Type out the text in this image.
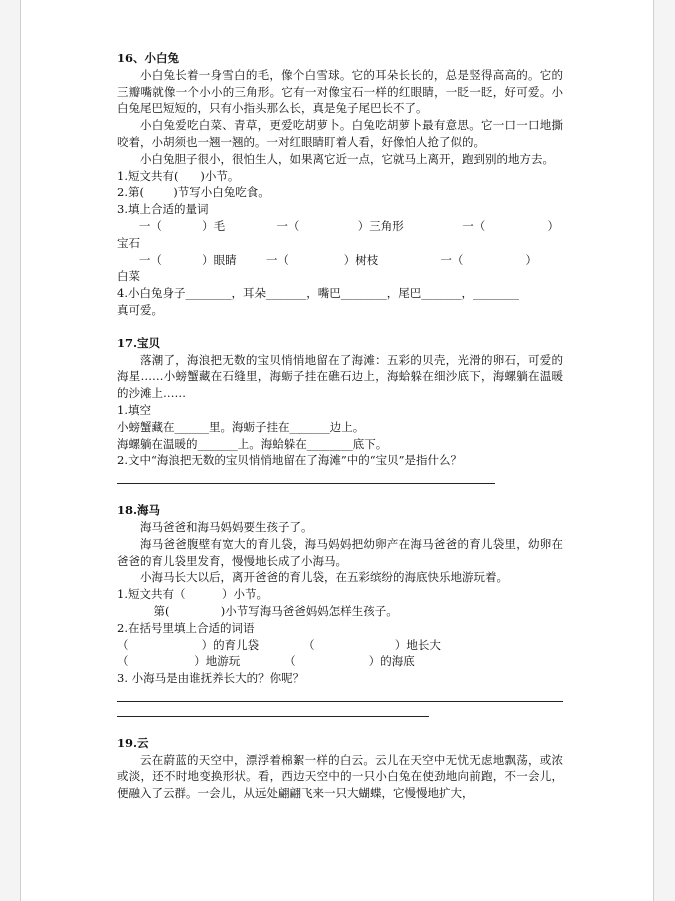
16、小白兔

小白兔长着一身雪白的毛，像个白雪球。它的耳朵长长的，总是竖得高高的。它的三瓣嘴就像一个小小的三角形。它有一对像宝石一样的红眼睛，一眨一眨，好可爱。小白兔尾巴短短的，只有小指头那么长，真是兔子尾巴长不了。

小白兔爱吃白菜、青草，更爱吃胡萝卜。白兔吃胡萝卜最有意思。它一口一口地撕咬着，小胡须也一翘一翘的。一对红眼睛盯着人看，好像怕人抢了似的。

小白兔胆子很小，很怕生人，如果离它近一点，它就马上离开，跑到别的地方去。

1.短文共有(      )小节。

2.第(        )节写小白兔吃食。

3.填上合适的量词

一（           ）毛              一（                ）三角形                一（                 ）

宝石

一（           ）眼睛        一（               ）树枝                 一（                 ）

白菜

4.小白兔身子________，耳朵_______，嘴巴________，尾巴_______，________

真可爱。

17.宝贝

落潮了，海浪把无数的宝贝悄悄地留在了海滩：五彩的贝壳，光滑的卵石，可爱的海星……小螃蟹藏在石缝里，海蛎子挂在礁石边上，海蛤躲在细沙底下，海螺躺在温暖的沙滩上……

1.填空

小螃蟹藏在______里。海蛎子挂在_______边上。

海螺躺在温暖的_______上。海蛤躲在________底下。

2.文中“海浪把无数的宝贝悄悄地留在了海滩”中的“宝贝”是指什么？

18.海马

海马爸爸和海马妈妈要生孩子了。

海马爸爸腹壁有宽大的育儿袋，海马妈妈把幼卵产在海马爸爸的育儿袋里，幼卵在爸爸的育儿袋里发育，慢慢地长成了小海马。

小海马长大以后，离开爸爸的育儿袋，在五彩缤纷的海底快乐地游玩着。

1.短文共有（          ）小节。

第(              )小节写海马爸爸妈妈怎样生孩子。

2.在括号里填上合适的词语

（                    ）的育儿袋            （                      ）地长大

（                  ）地游玩            （                    ）的海底

3. 小海马是由谁抚养长大的？你呢？

19.云

云在蔚蓝的天空中，漂浮着棉絮一样的白云。云儿在天空中无忧无虑地飘荡，或浓或淡，还不时地变换形状。看，西边天空中的一只小白兔在使劲地向前跑，不一会儿，便融入了云群。一会儿，从远处翩翩飞来一只大蝴蝶，它慢慢地扩大，
